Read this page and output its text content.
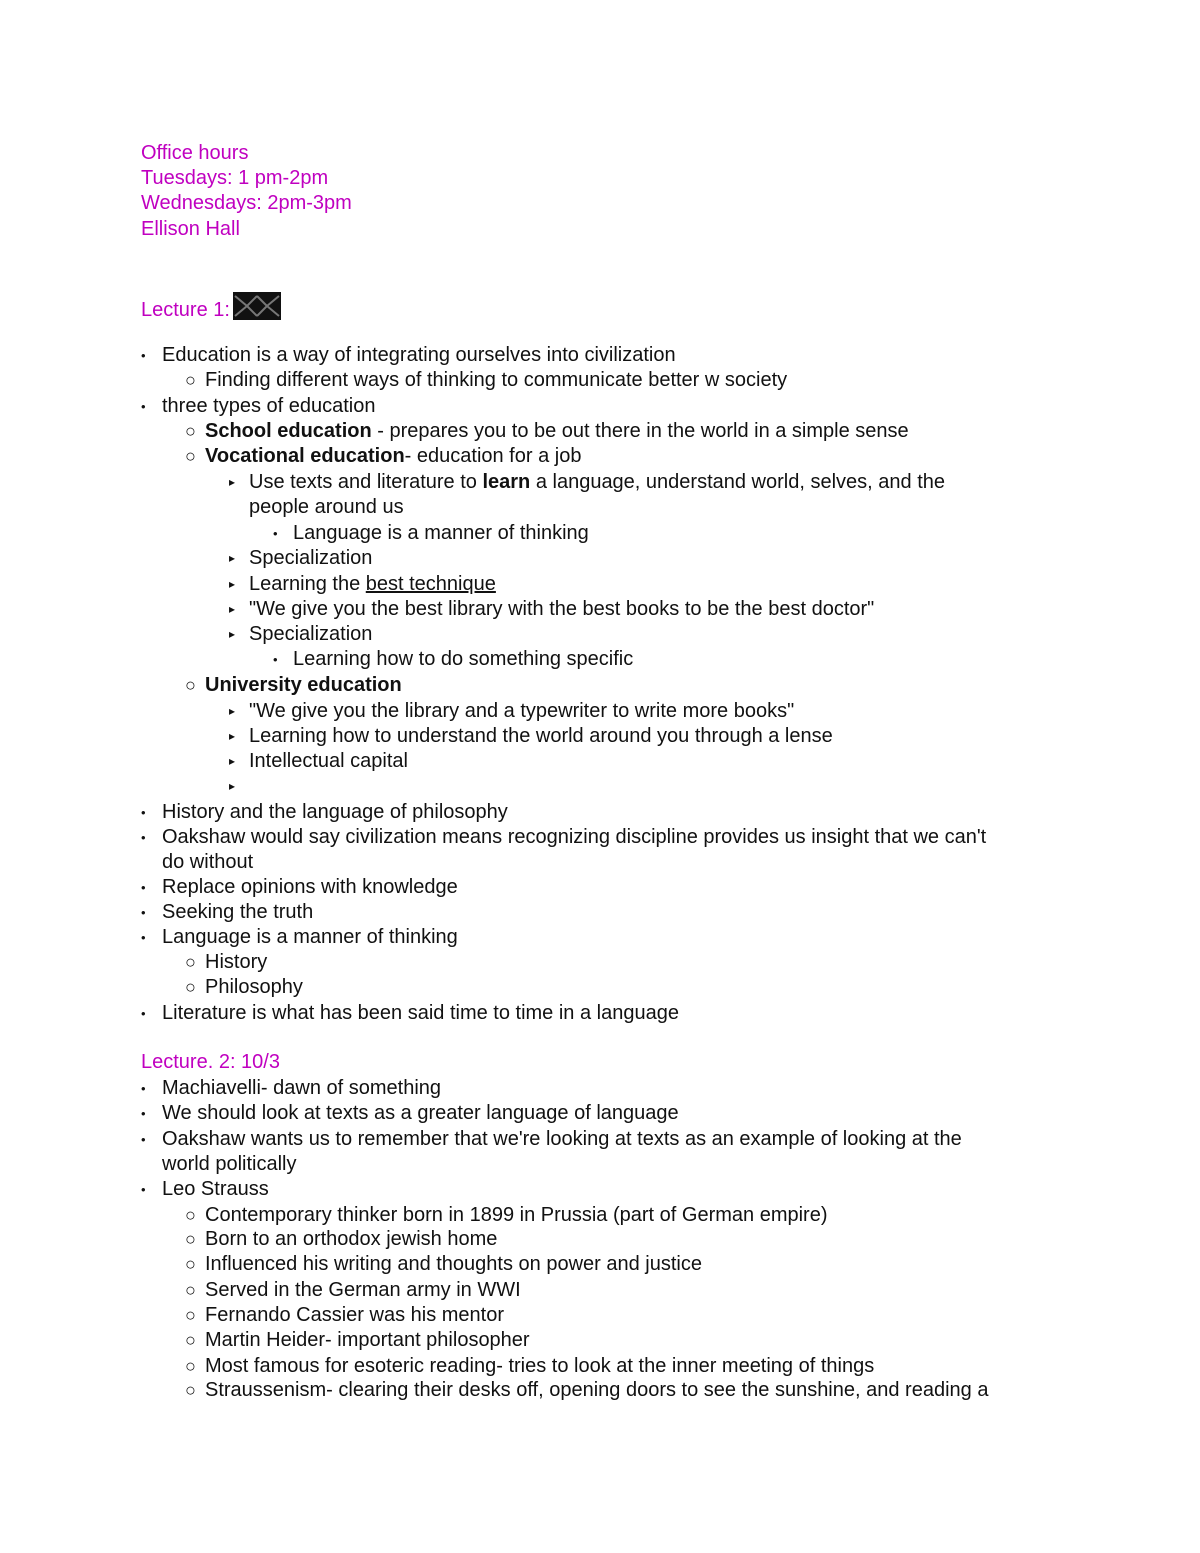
Office hours
Tuesdays: 1 pm-2pm
Wednesdays: 2pm-3pm
Ellison Hall
Lecture 1:
• Education is a way of integrating ourselves into civilization
○ Finding different ways of thinking to communicate better w society
• three types of education
○ School education - prepares you to be out there in the world in a simple sense
○ Vocational education- education for a job
▸ Use texts and literature to learn a language, understand world, selves, and the
people around us
• Language is a manner of thinking
▸ Specialization
▸ Learning the best technique
▸ "We give you the best library with the best books to be the best doctor"
▸ Specialization
• Learning how to do something specific
○ University education
▸ "We give you the library and a typewriter to write more books"
▸ Learning how to understand the world around you through a lense
▸ Intellectual capital
▸
• History and the language of philosophy
• Oakshaw would say civilization means recognizing discipline provides us insight that we can't
do without
• Replace opinions with knowledge
• Seeking the truth
• Language is a manner of thinking
○ History
○ Philosophy
• Literature is what has been said time to time in a language
Lecture. 2: 10/3
• Machiavelli- dawn of something
• We should look at texts as a greater language of language
• Oakshaw wants us to remember that we're looking at texts as an example of looking at the
world politically
• Leo Strauss
○ Contemporary thinker born in 1899 in Prussia (part of German empire)
○ Born to an orthodox jewish home
○ Influenced his writing and thoughts on power and justice
○ Served in the German army in WWI
○ Fernando Cassier was his mentor
○ Martin Heider- important philosopher
○ Most famous for esoteric reading- tries to look at the inner meeting of things
○ Straussenism- clearing their desks off, opening doors to see the sunshine, and reading a
